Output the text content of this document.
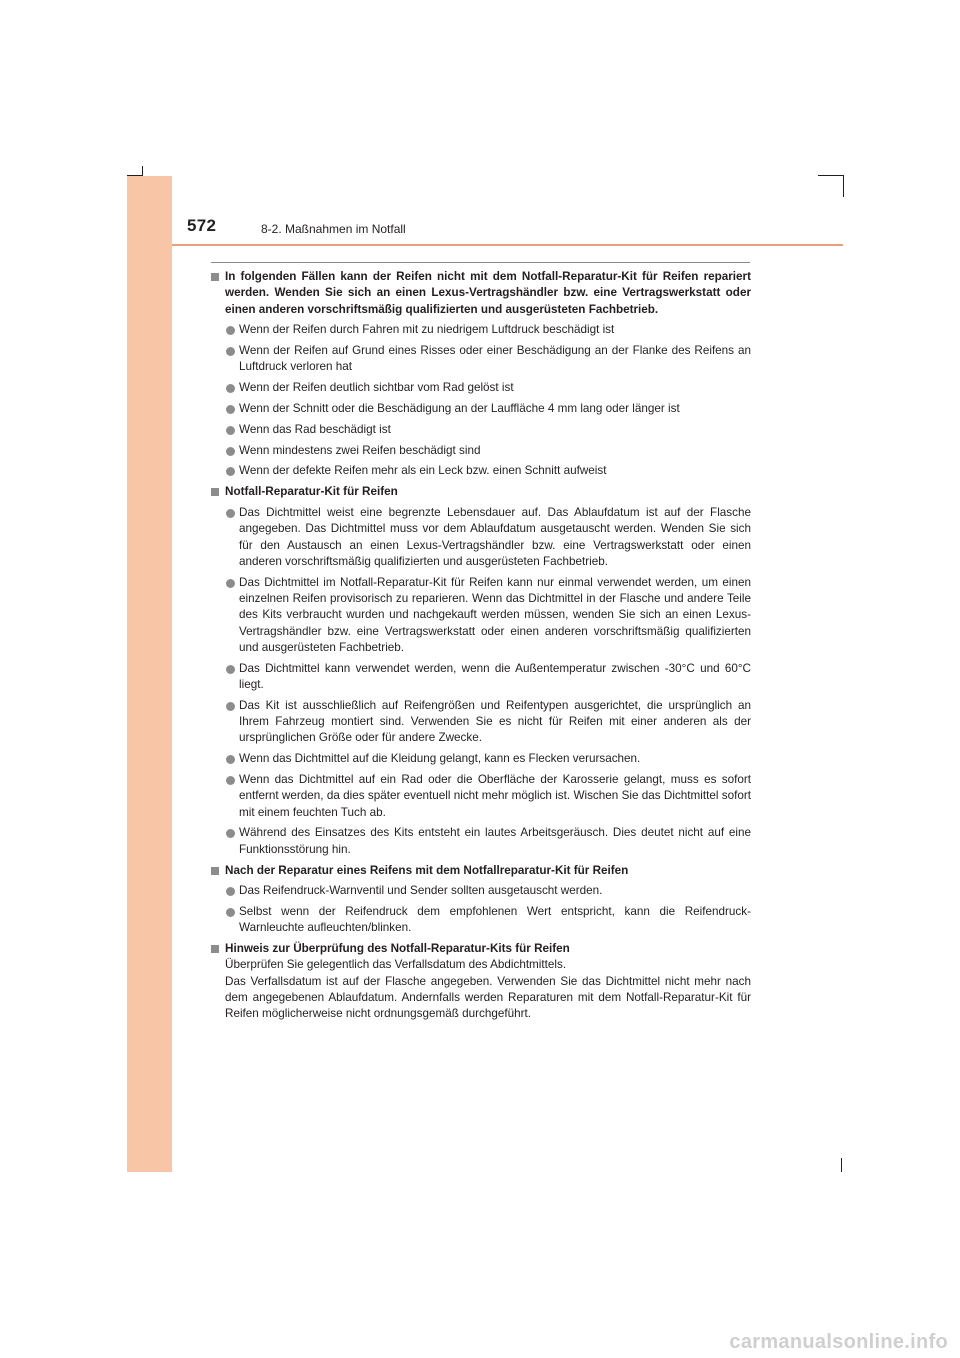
572	8-2. Maßnahmen im Notfall
In folgenden Fällen kann der Reifen nicht mit dem Notfall-Reparatur-Kit für Reifen repariert werden. Wenden Sie sich an einen Lexus-Vertragshändler bzw. eine Vertragswerkstatt oder einen anderen vorschriftsmäßig qualifizierten und ausgerüsteten Fachbetrieb.
Wenn der Reifen durch Fahren mit zu niedrigem Luftdruck beschädigt ist
Wenn der Reifen auf Grund eines Risses oder einer Beschädigung an der Flanke des Reifens an Luftdruck verloren hat
Wenn der Reifen deutlich sichtbar vom Rad gelöst ist
Wenn der Schnitt oder die Beschädigung an der Lauffläche 4 mm lang oder länger ist
Wenn das Rad beschädigt ist
Wenn mindestens zwei Reifen beschädigt sind
Wenn der defekte Reifen mehr als ein Leck bzw. einen Schnitt aufweist
Notfall-Reparatur-Kit für Reifen
Das Dichtmittel weist eine begrenzte Lebensdauer auf. Das Ablaufdatum ist auf der Flasche angegeben. Das Dichtmittel muss vor dem Ablaufdatum ausgetauscht werden. Wenden Sie sich für den Austausch an einen Lexus-Vertragshändler bzw. eine Vertragswerkstatt oder einen anderen vorschriftsmäßig qualifizierten und ausgerüsteten Fachbetrieb.
Das Dichtmittel im Notfall-Reparatur-Kit für Reifen kann nur einmal verwendet werden, um einen einzelnen Reifen provisorisch zu reparieren. Wenn das Dichtmittel in der Flasche und andere Teile des Kits verbraucht wurden und nachgekauft werden müssen, wenden Sie sich an einen Lexus-Vertragshändler bzw. eine Vertragswerkstatt oder einen anderen vorschriftsmäßig qualifizierten und ausgerüsteten Fachbetrieb.
Das Dichtmittel kann verwendet werden, wenn die Außentemperatur zwischen -30°C und 60°C liegt.
Das Kit ist ausschließlich auf Reifengrößen und Reifentypen ausgerichtet, die ursprünglich an Ihrem Fahrzeug montiert sind. Verwenden Sie es nicht für Reifen mit einer anderen als der ursprünglichen Größe oder für andere Zwecke.
Wenn das Dichtmittel auf die Kleidung gelangt, kann es Flecken verursachen.
Wenn das Dichtmittel auf ein Rad oder die Oberfläche der Karosserie gelangt, muss es sofort entfernt werden, da dies später eventuell nicht mehr möglich ist. Wischen Sie das Dichtmittel sofort mit einem feuchten Tuch ab.
Während des Einsatzes des Kits entsteht ein lautes Arbeitsgeräusch. Dies deutet nicht auf eine Funktionsstörung hin.
Nach der Reparatur eines Reifens mit dem Notfallreparatur-Kit für Reifen
Das Reifendruck-Warnventil und Sender sollten ausgetauscht werden.
Selbst wenn der Reifendruck dem empfohlenen Wert entspricht, kann die Reifendruck-Warnleuchte aufleuchten/blinken.
Hinweis zur Überprüfung des Notfall-Reparatur-Kits für Reifen
Überprüfen Sie gelegentlich das Verfallsdatum des Abdichtmittels.
Das Verfallsdatum ist auf der Flasche angegeben. Verwenden Sie das Dichtmittel nicht mehr nach dem angegebenen Ablaufdatum. Andernfalls werden Reparaturen mit dem Notfall-Reparatur-Kit für Reifen möglicherweise nicht ordnungsgemäß durchgeführt.
carmanualsonline.info
